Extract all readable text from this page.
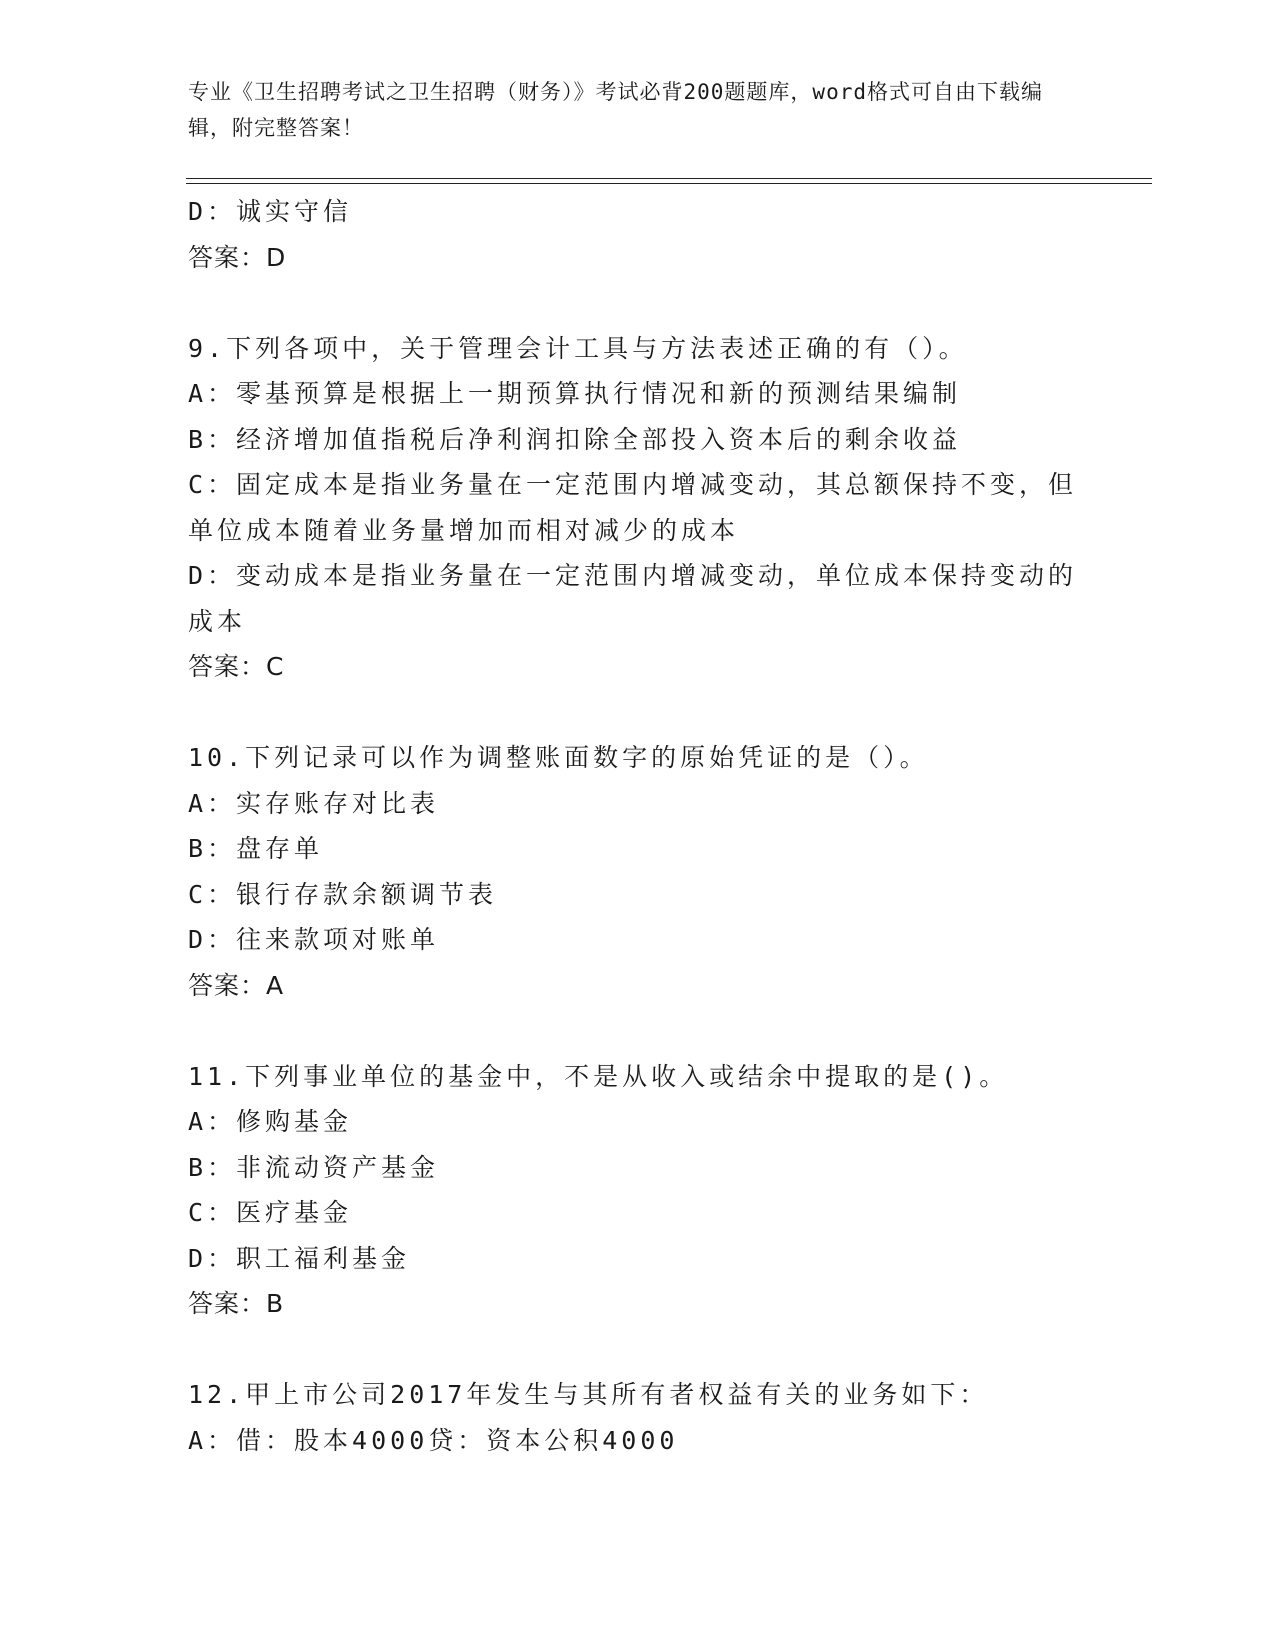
专业《卫生招聘考试之卫生招聘（财务）》考试必背200题题库，word格式可自由下载编辑，附完整答案！
D：诚实守信
答案：D
9.下列各项中，关于管理会计工具与方法表述正确的有（）。
A：零基预算是根据上一期预算执行情况和新的预测结果编制
B：经济增加值指税后净利润扣除全部投入资本后的剩余收益
C：固定成本是指业务量在一定范围内增减变动，其总额保持不变，但单位成本随着业务量增加而相对减少的成本
D：变动成本是指业务量在一定范围内增减变动，单位成本保持变动的成本
答案：C
10.下列记录可以作为调整账面数字的原始凭证的是（）。
A：实存账存对比表
B：盘存单
C：银行存款余额调节表
D：往来款项对账单
答案：A
11.下列事业单位的基金中，不是从收入或结余中提取的是()。
A：修购基金
B：非流动资产基金
C：医疗基金
D：职工福利基金
答案：B
12.甲上市公司2017年发生与其所有者权益有关的业务如下：
A：借：股本4000贷：资本公积4000
